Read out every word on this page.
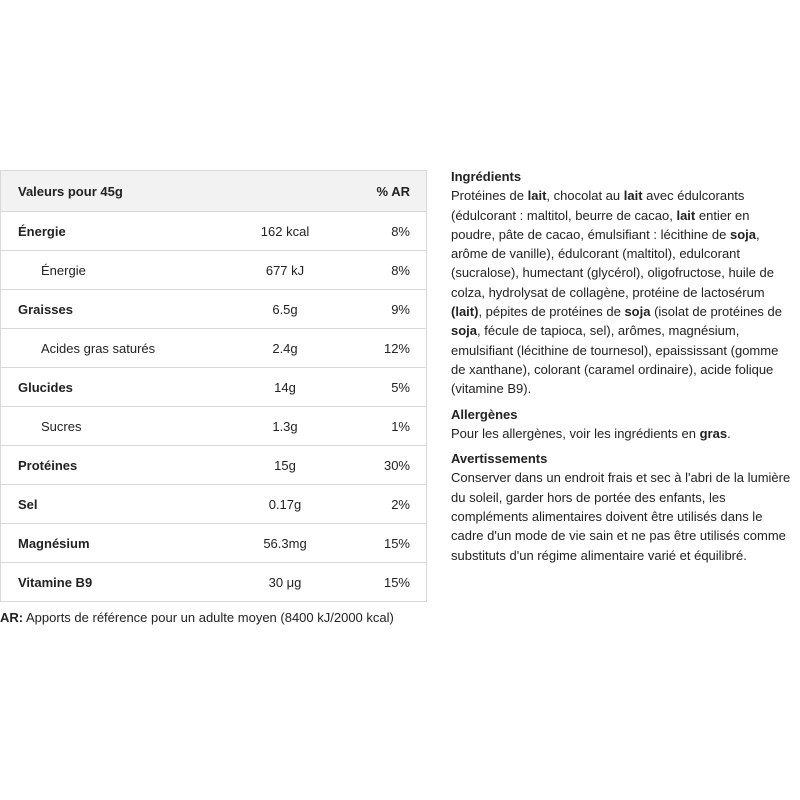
Valeurs pour 45g		% AR
Énergie	162 kcal	8%
Énergie	677 kJ	8%
Graisses	6.5g	9%
Acides gras saturés	2.4g	12%
Glucides	14g	5%
Sucres	1.3g	1%
Protéines	15g	30%
Sel	0.17g	2%
Magnésium	56.3mg	15%
Vitamine B9	30 μg	15%

AR: Apports de référence pour un adulte moyen (8400 kJ/2000 kcal)

Ingrédients

Protéines de lait, chocolat au lait avec édulcorants (édulcorant : maltitol, beurre de cacao, lait entier en poudre, pâte de cacao, émulsifiant : lécithine de soja, arôme de vanille), édulcorant (maltitol), edulcorant (sucralose), humectant (glycérol), oligofructose, huile de colza, hydrolysat de collagène, protéine de lactosérum (lait), pépites de protéines de soja (isolat de protéines de soja, fécule de tapioca, sel), arômes, magnésium, emulsifiant (lécithine de tournesol), epaississant (gomme de xanthane), colorant (caramel ordinaire), acide folique (vitamine B9).

Allergènes

Pour les allergènes, voir les ingrédients en gras.

Avertissements

Conserver dans un endroit frais et sec à l'abri de la lumière du soleil, garder hors de portée des enfants, les compléments alimentaires doivent être utilisés dans le cadre d'un mode de vie sain et ne pas être utilisés comme substituts d'un régime alimentaire varié et équilibré.
